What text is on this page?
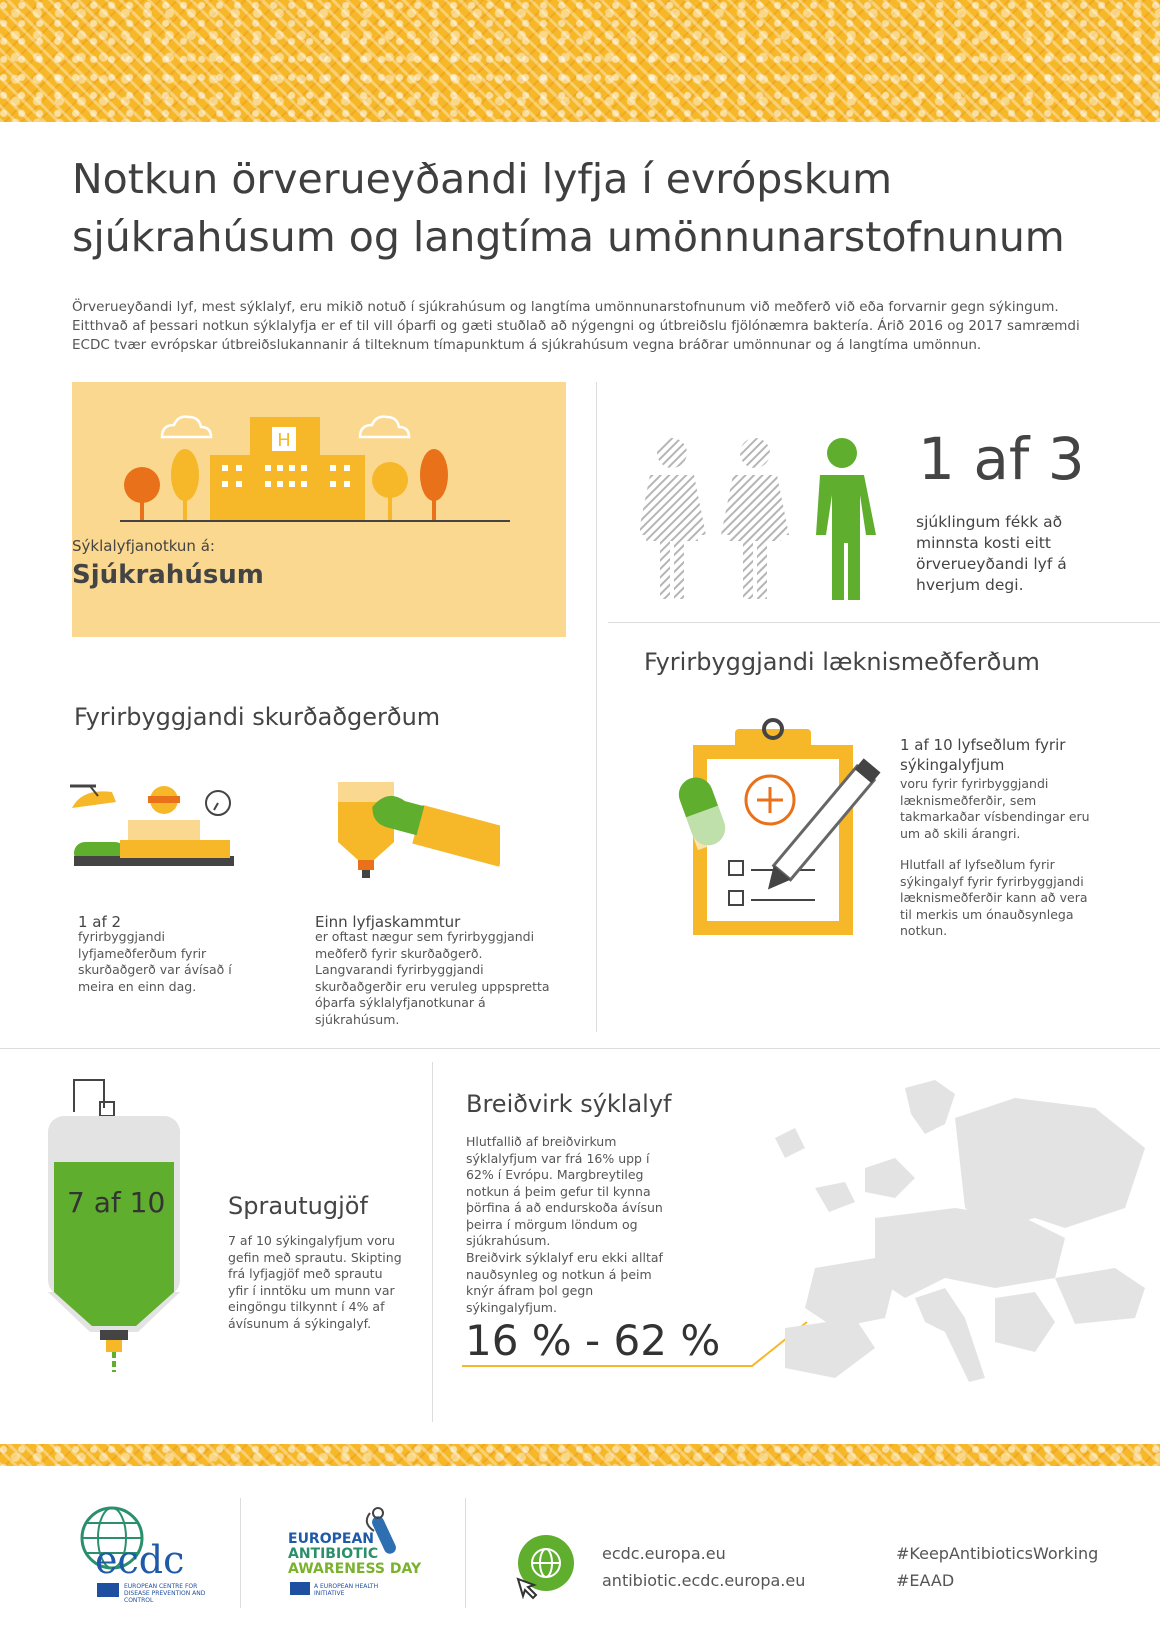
Notkun örverueyðandi lyfja í evrópskum
sjúkrahúsum og langtíma umönnunarstofnunum

Örverueyðandi lyf, mest sýklalyf, eru mikið notuð í sjúkrahúsum og langtíma umönnunarstofnunum við meðferð við eða forvarnir gegn sýkingum. Eitthvað af þessari notkun sýklalyfja er ef til vill óþarfi og gæti stuðlað að nýgengni og útbreiðslu fjölónæmra baktería. Árið 2016 og 2017 samræmdi ECDC tvær evrópskar útbreiðslukannanir á tilteknum tímapunktum á sjúkrahúsum vegna bráðrar umönnunar og á langtíma umönnun.

H
Sýklalyfjanotkun á:
Sjúkrahúsum
1 af 3
sjúklingum fékk að minnsta kosti eitt örverueyðandi lyf á hverjum degi.
Fyrirbyggjandi læknismeðferðum
1 af 10 lyfseðlum fyrir sýkingalyfjum
voru fyrir fyrirbyggjandi læknismeðferðir, sem takmarkaðar vísbendingar eru um að skili árangri.
Hlutfall af lyfseðlum fyrir sýkingalyf fyrir fyrirbyggjandi læknismeðferðir kann að vera til merkis um ónauðsynlega notkun.
Fyrirbyggjandi skurðaðgerðum
1 af 2
fyrirbyggjandi lyfjameðferðum fyrir skurðaðgerð var ávísað í meira en einn dag.
Einn lyfjaskammtur
er oftast nægur sem fyrirbyggjandi meðferð fyrir skurðaðgerð. Langvarandi fyrirbyggjandi skurðaðgerðir eru veruleg uppspretta óþarfa sýklalyfjanotkunar á sjúkrahúsum.
7 af 10	Sprautugjöf
7 af 10 sýkingalyfjum voru gefin með sprautu. Skipting frá lyfjagjöf með sprautu yfir í inntöku um munn var eingöngu tilkynnt í 4% af ávísunum á sýkingalyf.
Breiðvirk sýklalyf
Hlutfallið af breiðvirkum sýklalyfjum var frá 16% upp í 62% í Evrópu. Margbreytileg notkun á þeim gefur til kynna þörfina á að endurskoða ávísun þeirra í mörgum löndum og sjúkrahúsum.
Breiðvirk sýklalyf eru ekki alltaf nauðsynleg og notkun á þeim knýr áfram þol gegn sýkingalyfjum.
16 % - 62 %
ecdc
EUROPEAN CENTRE FOR DISEASE PREVENTION AND CONTROL
EUROPEAN
ANTIBIOTIC
AWARENESS DAY
A EUROPEAN HEALTH INITIATIVE
ecdc.europa.eu
antibiotic.ecdc.europa.eu
#KeepAntibioticsWorking
#EAAD
